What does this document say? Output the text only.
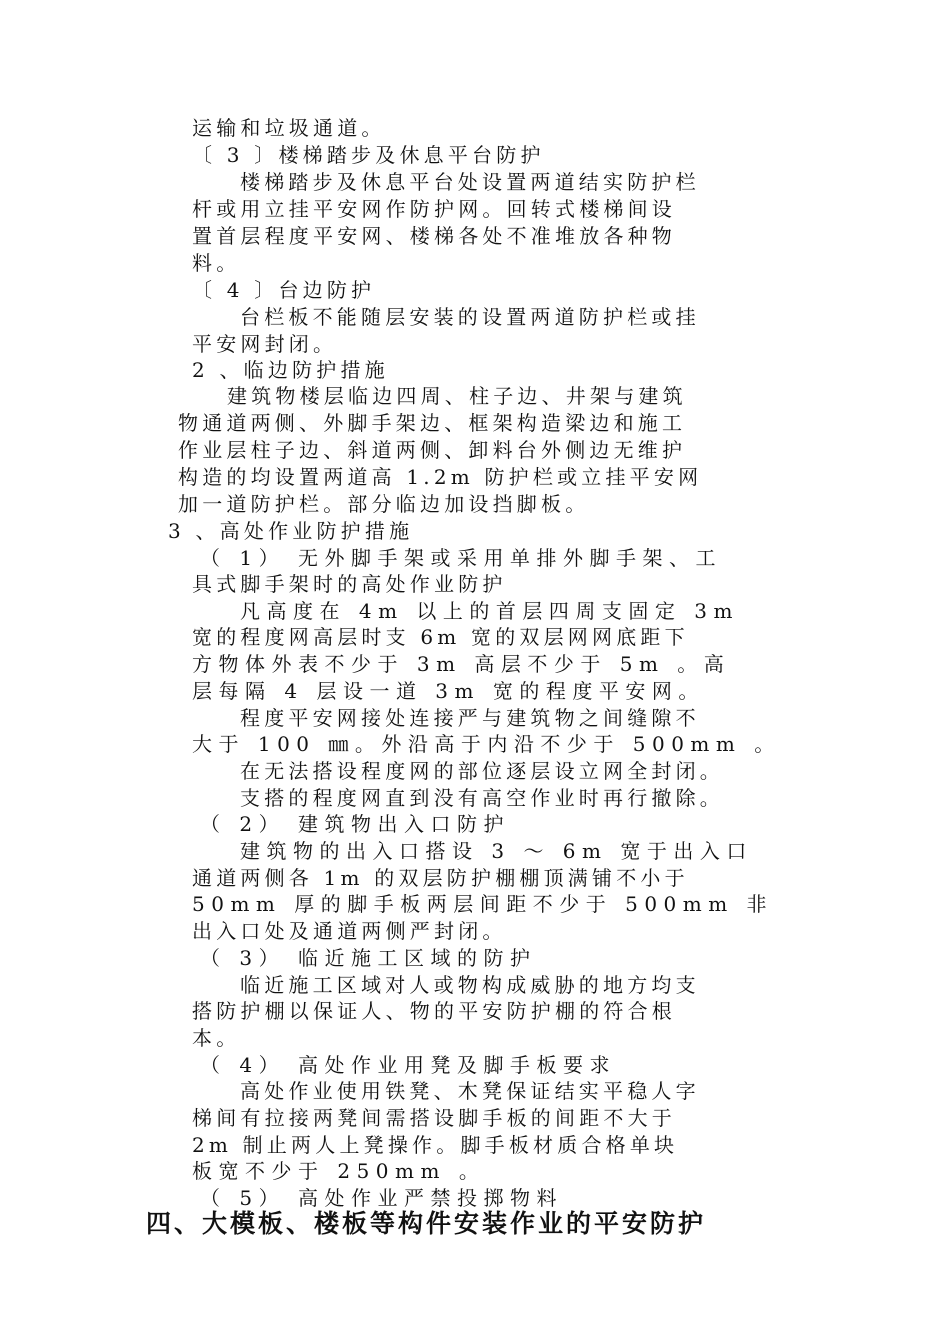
运输和垃圾通道。
〔 3 〕楼梯踏步及休息平台防护
楼梯踏步及休息平台处设置两道结实防护栏
杆或用立挂平安网作防护网。回转式楼梯间设
置首层程度平安网、楼梯各处不准堆放各种物
料。
〔 4 〕台边防护
台栏板不能随层安装的设置两道防护栏或挂
平安网封闭。
2 、临边防护措施
建筑物楼层临边四周、柱子边、井架与建筑
物通道两侧、外脚手架边、框架构造梁边和施工
作业层柱子边、斜道两侧、卸料台外侧边无维护
构造的均设置两道高 1.2m 防护栏或立挂平安网
加一道防护栏。部分临边加设挡脚板。
3 、高处作业防护措施
（ 1） 无外脚手架或采用单排外脚手架、工
具式脚手架时的高处作业防护
凡高度在 4m 以上的首层四周支固定 3m
宽的程度网高层时支 6m 宽的双层网网底距下
方物体外表不少于 3m 高层不少于 5m 。高
层每隔 4 层设一道 3m 宽的程度平安网。
程度平安网接处连接严与建筑物之间缝隙不
大于 100 ㎜。外沿高于内沿不少于 500mm 。
在无法搭设程度网的部位逐层设立网全封闭。
支搭的程度网直到没有高空作业时再行撤除。
（ 2） 建筑物出入口防护
建筑物的出入口搭设 3 ～ 6m 宽于出入口
通道两侧各 1m 的双层防护棚棚顶满铺不小于
50mm 厚的脚手板两层间距不少于 500mm 非
出入口处及通道两侧严封闭。
（ 3） 临近施工区域的防护
临近施工区域对人或物构成威胁的地方均支
搭防护棚以保证人、物的平安防护棚的符合根
本。
（ 4） 高处作业用凳及脚手板要求
高处作业使用铁凳、木凳保证结实平稳人字
梯间有拉接两凳间需搭设脚手板的间距不大于
2m 制止两人上凳操作。脚手板材质合格单块
板宽不少于 250mm 。
（ 5） 高处作业严禁投掷物料
四、大模板、楼板等构件安装作业的平安防护
